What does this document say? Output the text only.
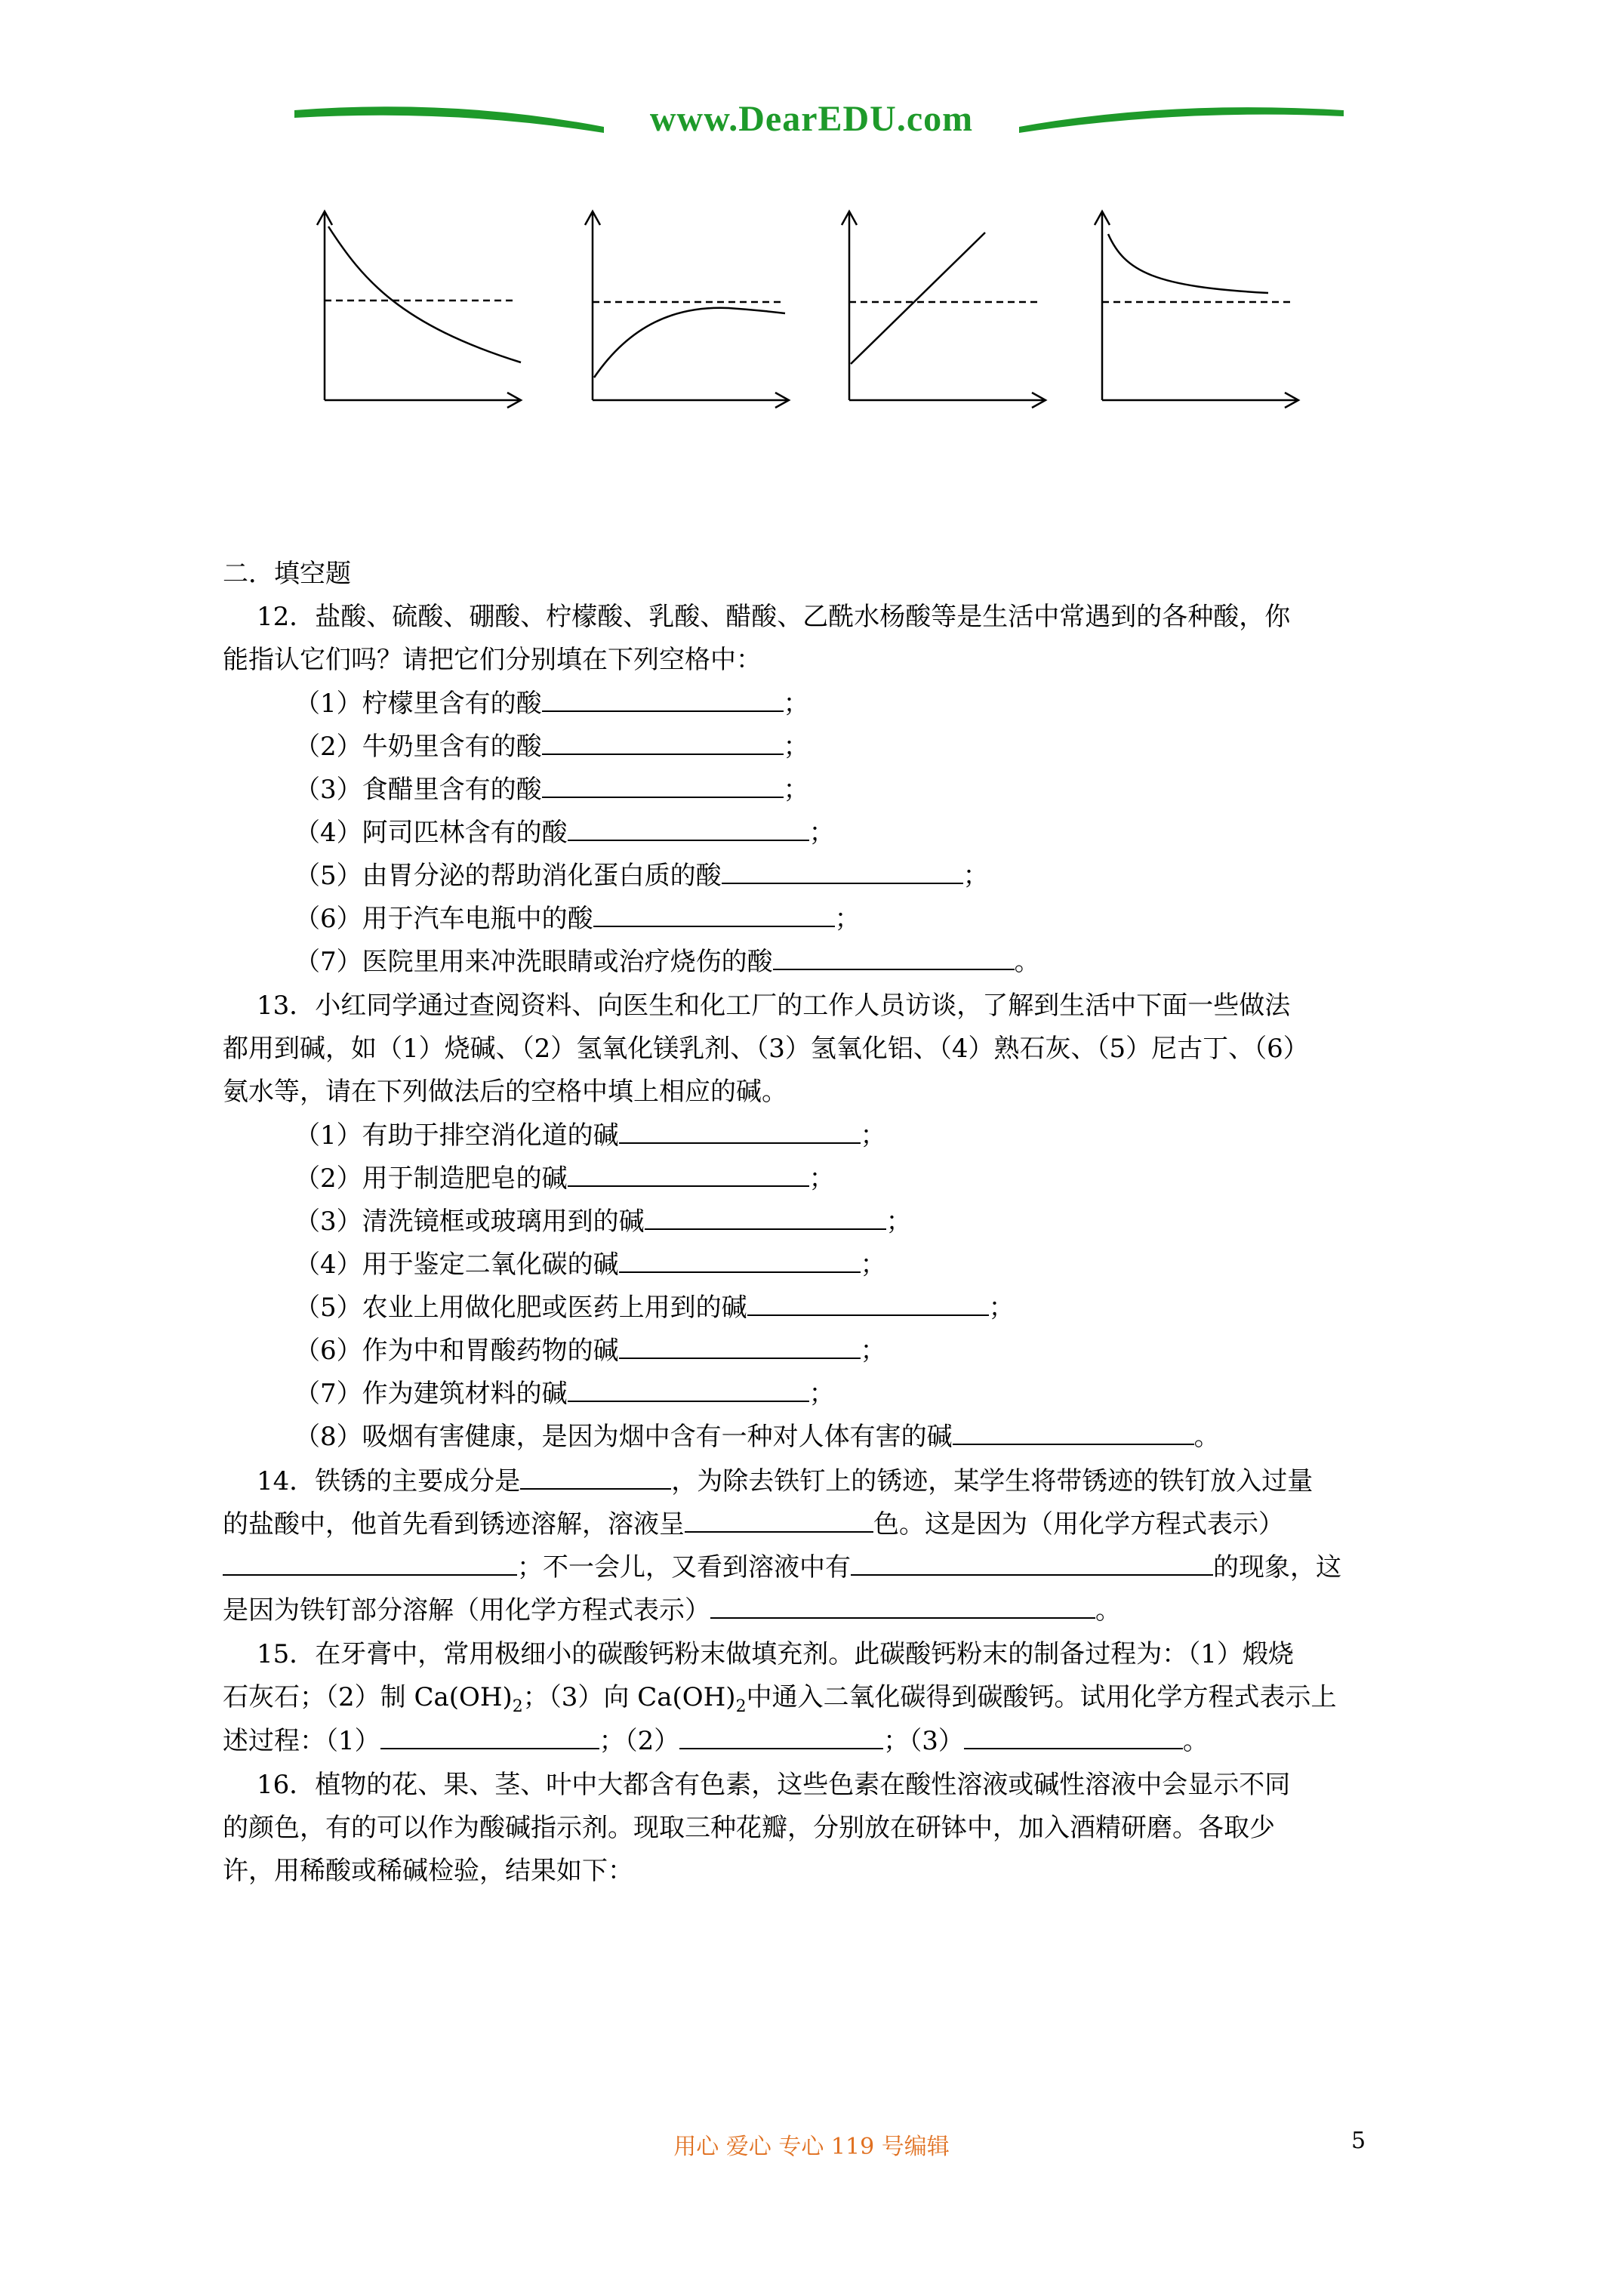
www.DearEDU.com
二．填空题
12．盐酸、硫酸、硼酸、柠檬酸、乳酸、醋酸、乙酰水杨酸等是生活中常遇到的各种酸，你
能指认它们吗？请把它们分别填在下列空格中：
（1）柠檬里含有的酸	；
（2）牛奶里含有的酸	；
（3）食醋里含有的酸	；
（4）阿司匹林含有的酸	；
（5）由胃分泌的帮助消化蛋白质的酸	；
（6）用于汽车电瓶中的酸	；
（7）医院里用来冲洗眼睛或治疗烧伤的酸	。
13．小红同学通过查阅资料、向医生和化工厂的工作人员访谈，了解到生活中下面一些做法
都用到碱，如（1）烧碱、（2）氢氧化镁乳剂、（3）氢氧化铝、（4）熟石灰、（5）尼古丁、（6）
氨水等，请在下列做法后的空格中填上相应的碱。
（1）有助于排空消化道的碱	；
（2）用于制造肥皂的碱	；
（3）清洗镜框或玻璃用到的碱	；
（4）用于鉴定二氧化碳的碱	；
（5）农业上用做化肥或医药上用到的碱	；
（6）作为中和胃酸药物的碱	；
（7）作为建筑材料的碱	；
（8）吸烟有害健康，是因为烟中含有一种对人体有害的碱	。
14．铁锈的主要成分是	，为除去铁钉上的锈迹，某学生将带锈迹的铁钉放入过量
的盐酸中，他首先看到锈迹溶解，溶液呈	色。这是因为（用化学方程式表示）
；不一会儿，又看到溶液中有	的现象，这
是因为铁钉部分溶解（用化学方程式表示）	。
15．在牙膏中，常用极细小的碳酸钙粉末做填充剂。此碳酸钙粉末的制备过程为：（1）煅烧
石灰石；（2）制 $Ca(OH)_2$；（3）向 $Ca(OH)_2$中通入二氧化碳得到碳酸钙。试用化学方程式表示上
述过程：（1）	；（2）	；（3）	。
16．植物的花、果、茎、叶中大都含有色素，这些色素在酸性溶液或碱性溶液中会显示不同
的颜色，有的可以作为酸碱指示剂。现取三种花瓣，分别放在研钵中，加入酒精研磨。各取少
许，用稀酸或稀碱检验，结果如下：
用心 爱心 专心 119 号编辑	5
